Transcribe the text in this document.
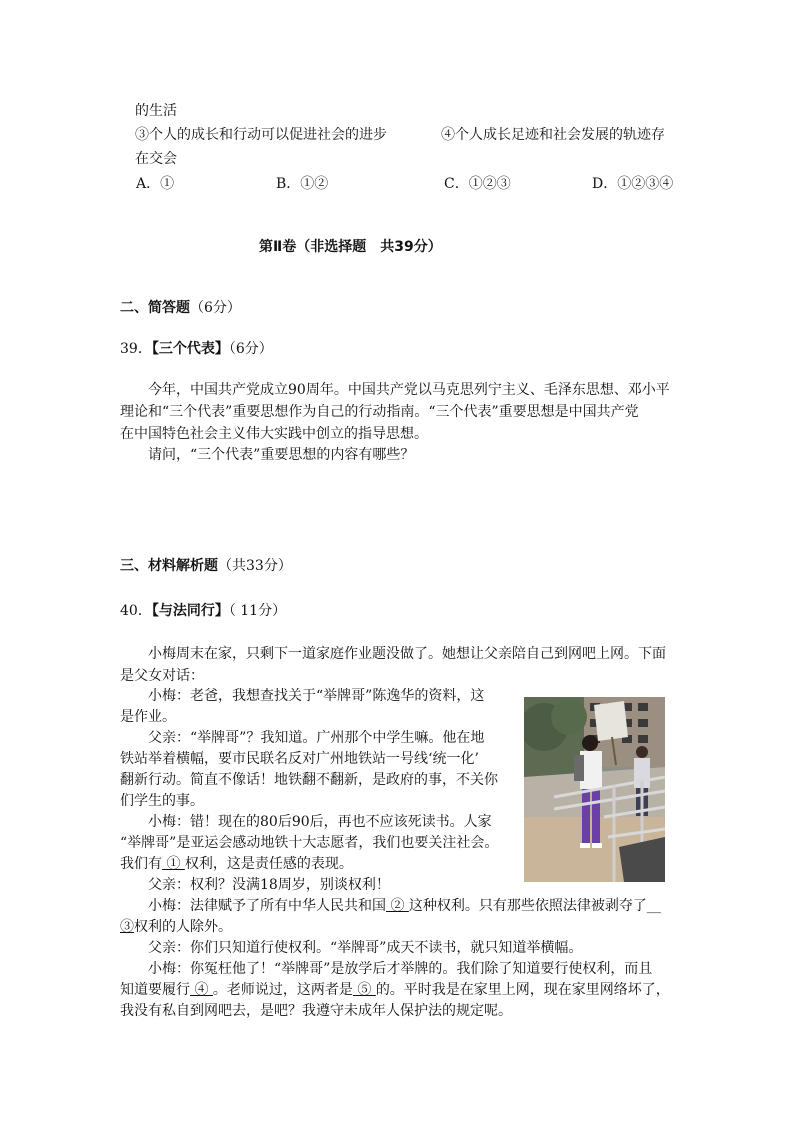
的生活
③个人的成长和行动可以促进社会的进步	④个人成长足迹和社会发展的轨迹存
在交会
A．①	B．①②	C．①②③	D．①②③④
第Ⅱ卷（非选择题　共39分）
二、简答题（6分）
39．【三个代表】（6分）
今年，中国共产党成立90周年。中国共产党以马克思列宁主义、毛泽东思想、邓小平
理论和“三个代表”重要思想作为自己的行动指南。“三个代表”重要思想是中国共产党
在中国特色社会主义伟大实践中创立的指导思想。
请问，“三个代表”重要思想的内容有哪些？
三、材料解析题（共33分）
40．【与法同行】（ 11分）
小梅周末在家，只剩下一道家庭作业题没做了。她想让父亲陪自己到网吧上网。下面
是父女对话：
小梅：老爸，我想查找关于“举牌哥”陈逸华的资料，这
是作业。
父亲：“举牌哥”？我知道。广州那个中学生嘛。他在地
铁站举着横幅，要市民联名反对广州地铁站一号线‘统一化’
翻新行动。简直不像话！地铁翻不翻新，是政府的事，不关你
们学生的事。
小梅：错！现在的80后90后，再也不应该死读书。人家
“举牌哥”是亚运会感动地铁十大志愿者，我们也要关注社会。
我们有 ① 权利，这是责任感的表现。
父亲：权利？没满18周岁，别谈权利！
小梅：法律赋予了所有中华人民共和国 ② 这种权利。只有那些依照法律被剥夺了__
③权利的人除外。
父亲：你们只知道行使权利。“举牌哥”成天不读书，就只知道举横幅。
小梅：你冤枉他了！“举牌哥”是放学后才举牌的。我们除了知道要行使权利，而且
知道要履行 ④ 。老师说过，这两者是 ⑤ 的。平时我是在家里上网，现在家里网络坏了，
我没有私自到网吧去，是吧？我遵守未成年人保护法的规定呢。
